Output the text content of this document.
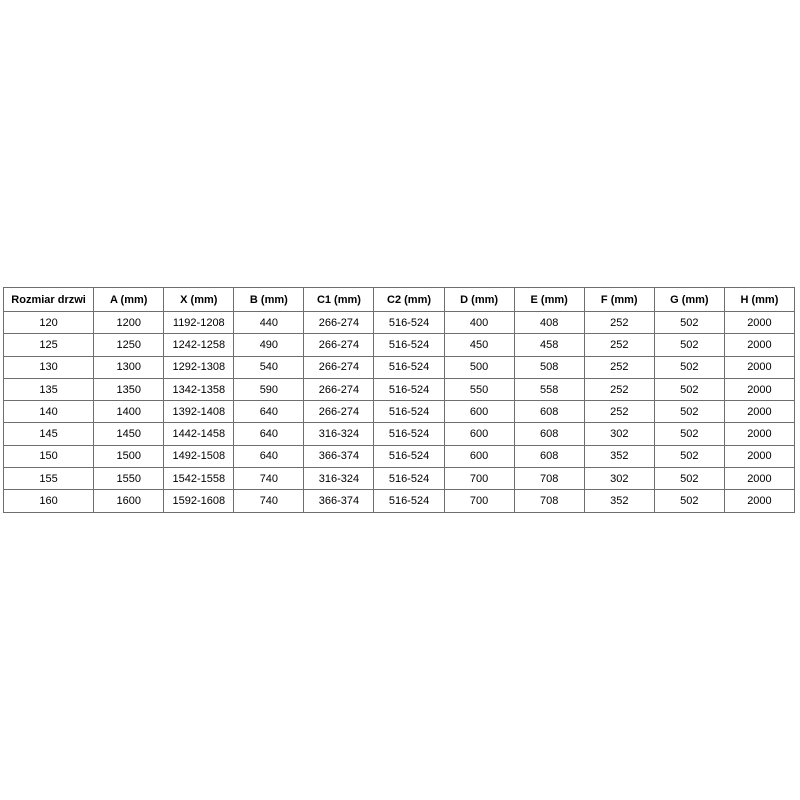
Rozmiar drzwi	A (mm)	X (mm)	B (mm)	C1 (mm)	C2 (mm)	D (mm)	E (mm)	F (mm)	G (mm)	H (mm)
120	1200	1192-1208	440	266-274	516-524	400	408	252	502	2000
125	1250	1242-1258	490	266-274	516-524	450	458	252	502	2000
130	1300	1292-1308	540	266-274	516-524	500	508	252	502	2000
135	1350	1342-1358	590	266-274	516-524	550	558	252	502	2000
140	1400	1392-1408	640	266-274	516-524	600	608	252	502	2000
145	1450	1442-1458	640	316-324	516-524	600	608	302	502	2000
150	1500	1492-1508	640	366-374	516-524	600	608	352	502	2000
155	1550	1542-1558	740	316-324	516-524	700	708	302	502	2000
160	1600	1592-1608	740	366-374	516-524	700	708	352	502	2000
